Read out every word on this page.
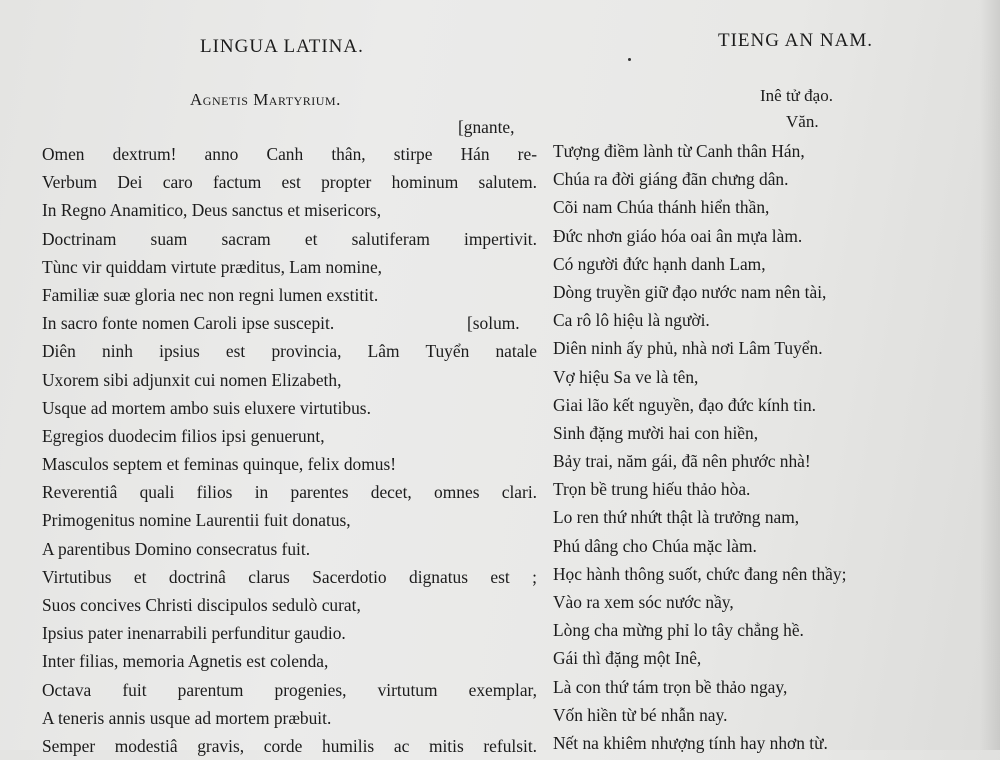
LINGUA LATINA.
Agnetis Martyrium.
[gnante,
Omen dextrum! anno Canh thân, stirpe Hán re-
Verbum Dei caro factum est propter hominum salutem.
In Regno Anamitico, Deus sanctus et misericors,
Doctrinam suam sacram et salutiferam impertivit.
Tùnc vir quiddam virtute præditus, Lam nomine,
Familiæ suæ gloria nec non regni lumen exstitit.
In sacro fonte nomen Caroli ipse suscepit.	[solum.
Diên ninh ipsius est provincia, Lâm Tuyển natale
Uxorem sibi adjunxit cui nomen Elizabeth,
Usque ad mortem ambo suis eluxere virtutibus.
Egregios duodecim filios ipsi genuerunt,
Masculos septem et feminas quinque, felix domus!
Reverentiâ quali filios in parentes decet, omnes clari.
Primogenitus nomine Laurentii fuit donatus,
A parentibus Domino consecratus fuit.
Virtutibus et doctrinâ clarus Sacerdotio dignatus est ;
Suos concives Christi discipulos sedulò curat,
Ipsius pater inenarrabili perfunditur gaudio.
Inter filias, memoria Agnetis est colenda,
Octava fuit parentum progenies, virtutum exemplar,
A teneris annis usque ad mortem præbuit.
Semper modestiâ gravis, corde humilis ac mitis refulsit.
TIENG AN NAM.
Inê tử đạo.
Văn.
Tượng điềm lành từ Canh thân Hán,
Chúa ra đời giáng đãn chưng dân.
Cõi nam Chúa thánh hiển thần,
Đức nhơn giáo hóa oai ân mựa làm.
Có người đức hạnh danh Lam,
Dòng truyền giữ đạo nước nam nên tài,
Ca rô lô hiệu là người.
Diên ninh ấy phủ, nhà nơi Lâm Tuyển.
Vợ hiệu Sa ve là tên,
Giai lão kết nguyền, đạo đức kính tin.
Sinh đặng mười hai con hiền,
Bảy trai, năm gái, đã nên phước nhà!
Trọn bề trung hiếu thảo hòa.
Lo ren thứ nhứt thật là trưởng nam,
Phú dâng cho Chúa mặc làm.
Học hành thông suốt, chức đang nên thầy;
Vào ra xem sóc nước nầy,
Lòng cha mừng phỉ lo tây chẳng hề.
Gái thì đặng một Inê,
Là con thứ tám trọn bề thảo ngay,
Vốn hiền từ bé nhẫn nay.
Nết na khiêm nhượng tính hay nhơn từ.
